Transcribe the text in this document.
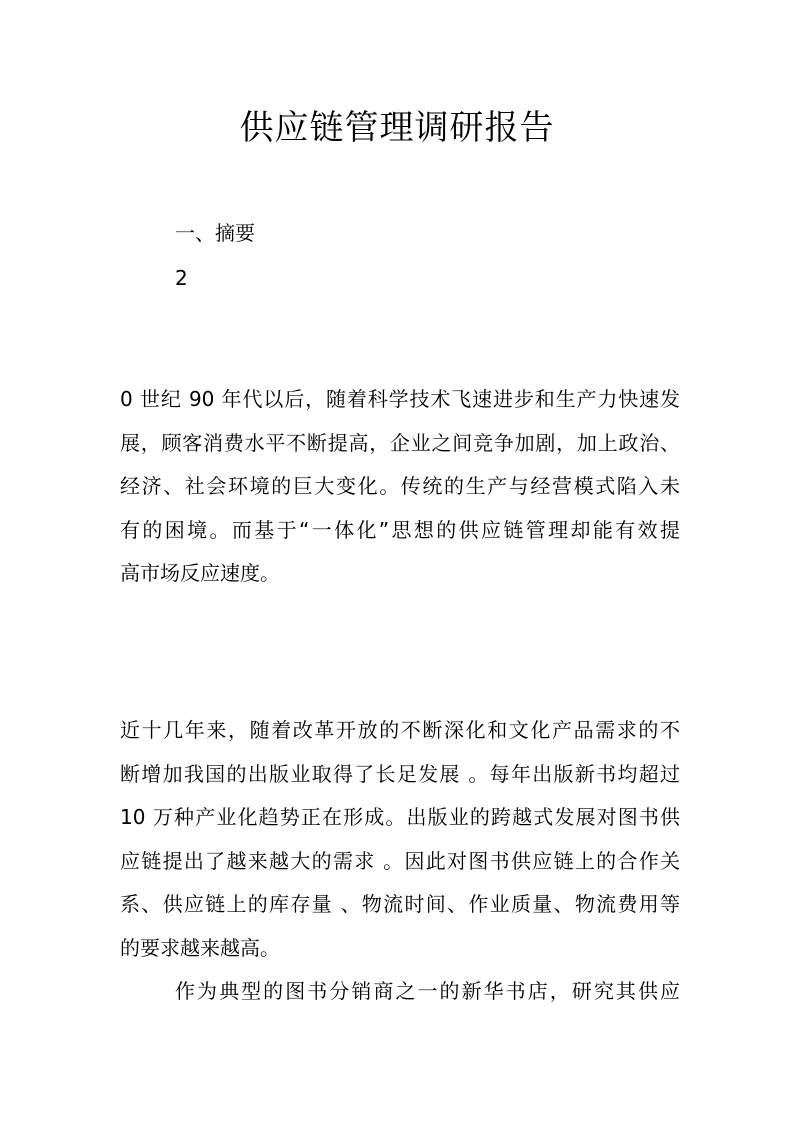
供应链管理调研报告
一、摘要
2
0 世纪 90 年代以后，随着科学技术飞速进步和生产力快速发
展，顾客消费水平不断提高，企业之间竞争加剧，加上政治、
经济、社会环境的巨大变化。传统的生产与经营模式陷入未
有的困境。而基于“一体化”思想的供应链管理却能有效提
高市场反应速度。
近十几年来，随着改革开放的不断深化和文化产品需求的不
断增加我国的出版业取得了长足发展 。每年出版新书均超过
10 万种产业化趋势正在形成。出版业的跨越式发展对图书供
应链提出了越来越大的需求 。因此对图书供应链上的合作关
系、供应链上的库存量 、物流时间、作业质量、物流费用等
的要求越来越高。
作为典型的图书分销商之一的新华书店，研究其供应
